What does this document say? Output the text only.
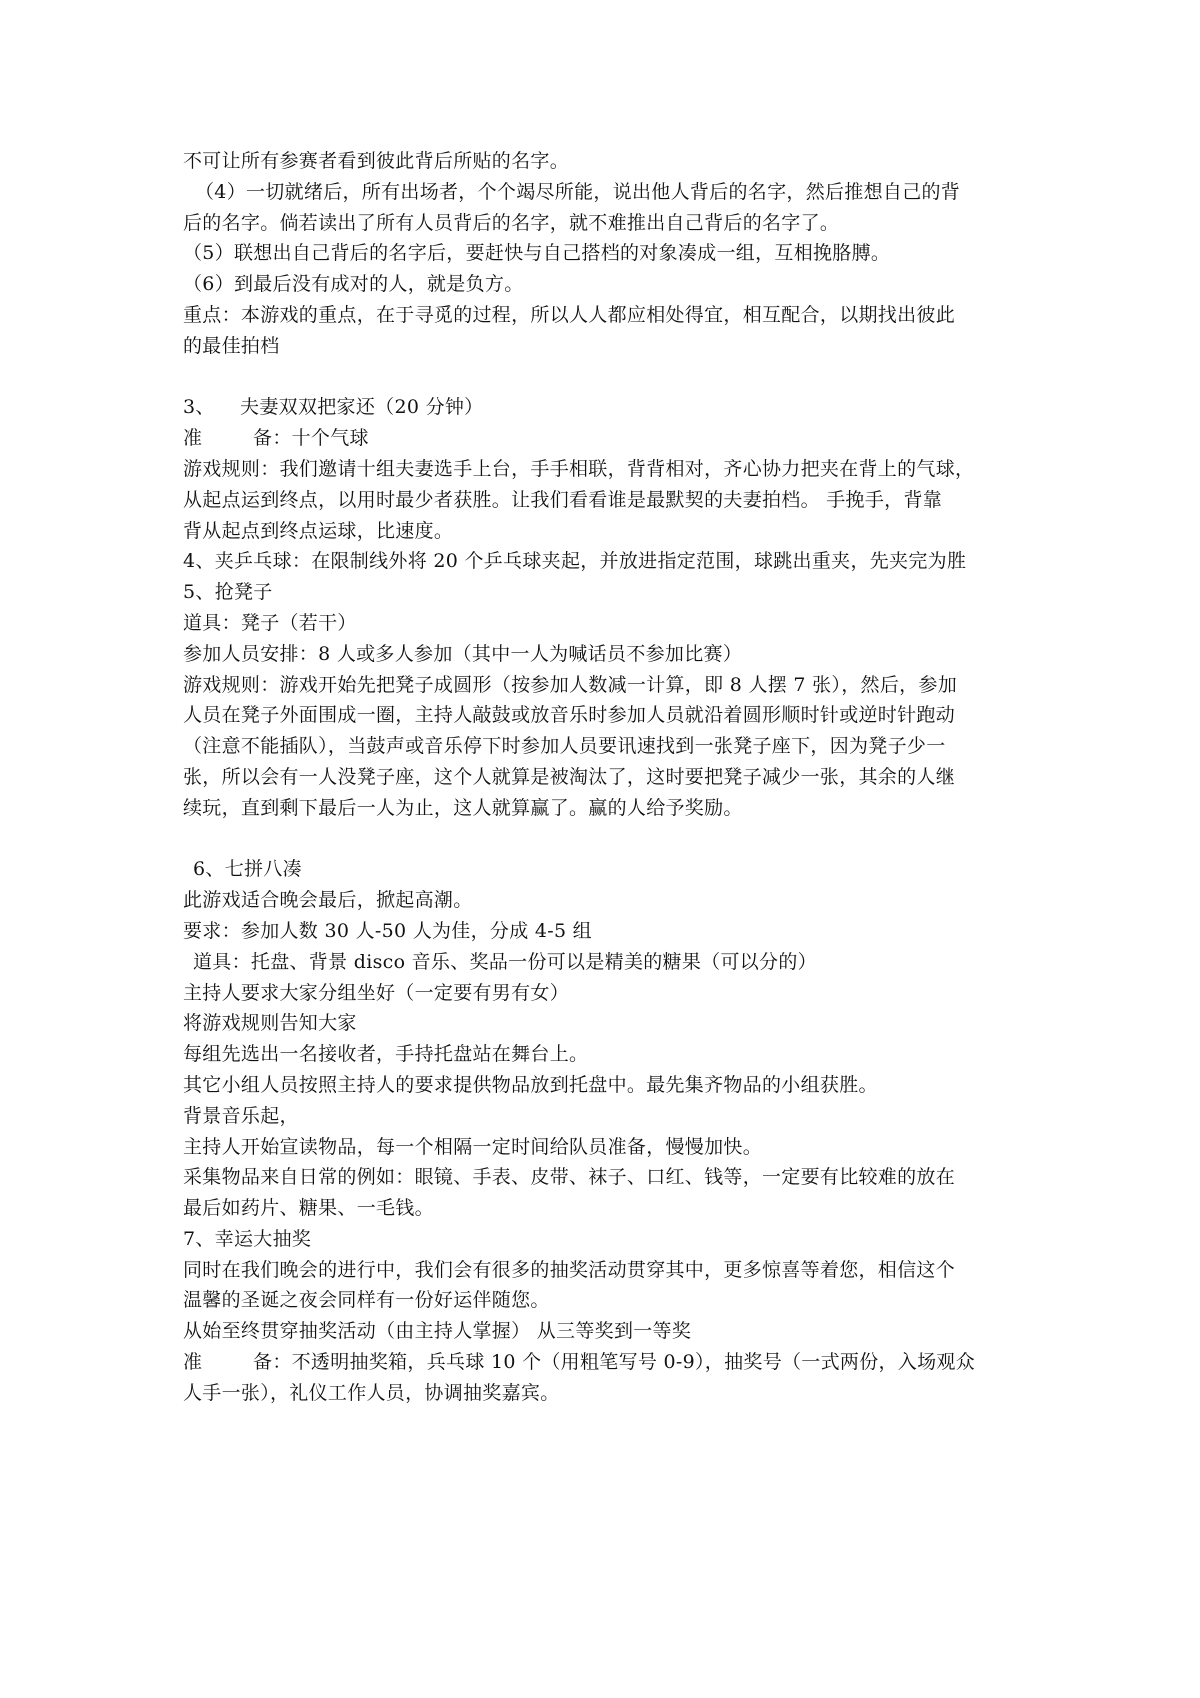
不可让所有参赛者看到彼此背后所贴的名字。
（4）一切就绪后，所有出场者，个个竭尽所能，说出他人背后的名字，然后推想自己的背
后的名字。倘若读出了所有人员背后的名字，就不难推出自己背后的名字了。
（5）联想出自己背后的名字后，要赶快与自己搭档的对象凑成一组，互相挽胳膊。
（6）到最后没有成对的人，就是负方。
重点：本游戏的重点，在于寻觅的过程，所以人人都应相处得宜，相互配合，以期找出彼此
的最佳拍档
3、    夫妻双双把家还（20 分钟）
准        备：十个气球
游戏规则：我们邀请十组夫妻选手上台，手手相联，背背相对，齐心协力把夹在背上的气球，
从起点运到终点，以用时最少者获胜。让我们看看谁是最默契的夫妻拍档。 手挽手，背靠
背从起点到终点运球，比速度。
4、夹乒乓球：在限制线外将 20 个乒乓球夹起，并放进指定范围，球跳出重夹，先夹完为胜
5、抢凳子
道具：凳子（若干）
参加人员安排：8 人或多人参加（其中一人为喊话员不参加比赛）
游戏规则：游戏开始先把凳子成圆形（按参加人数减一计算，即 8 人摆 7 张），然后，参加
人员在凳子外面围成一圈，主持人敲鼓或放音乐时参加人员就沿着圆形顺时针或逆时针跑动
（注意不能插队），当鼓声或音乐停下时参加人员要讯速找到一张凳子座下，因为凳子少一
张，所以会有一人没凳子座，这个人就算是被淘汰了，这时要把凳子减少一张，其余的人继
续玩，直到剩下最后一人为止，这人就算赢了。赢的人给予奖励。
6、七拼八凑
此游戏适合晚会最后，掀起高潮。
要求：参加人数 30 人-50 人为佳，分成 4-5 组
道具：托盘、背景 disco 音乐、奖品一份可以是精美的糖果（可以分的）
主持人要求大家分组坐好（一定要有男有女）
将游戏规则告知大家
每组先选出一名接收者，手持托盘站在舞台上。
其它小组人员按照主持人的要求提供物品放到托盘中。最先集齐物品的小组获胜。
背景音乐起，
主持人开始宣读物品，每一个相隔一定时间给队员准备，慢慢加快。
采集物品来自日常的例如：眼镜、手表、皮带、袜子、口红、钱等，一定要有比较难的放在
最后如药片、糖果、一毛钱。
7、幸运大抽奖
同时在我们晚会的进行中，我们会有很多的抽奖活动贯穿其中，更多惊喜等着您，相信这个
温馨的圣诞之夜会同样有一份好运伴随您。
从始至终贯穿抽奖活动（由主持人掌握） 从三等奖到一等奖
准        备：不透明抽奖箱，兵乓球 10 个（用粗笔写号 0-9），抽奖号（一式两份，入场观众
人手一张），礼仪工作人员，协调抽奖嘉宾。
